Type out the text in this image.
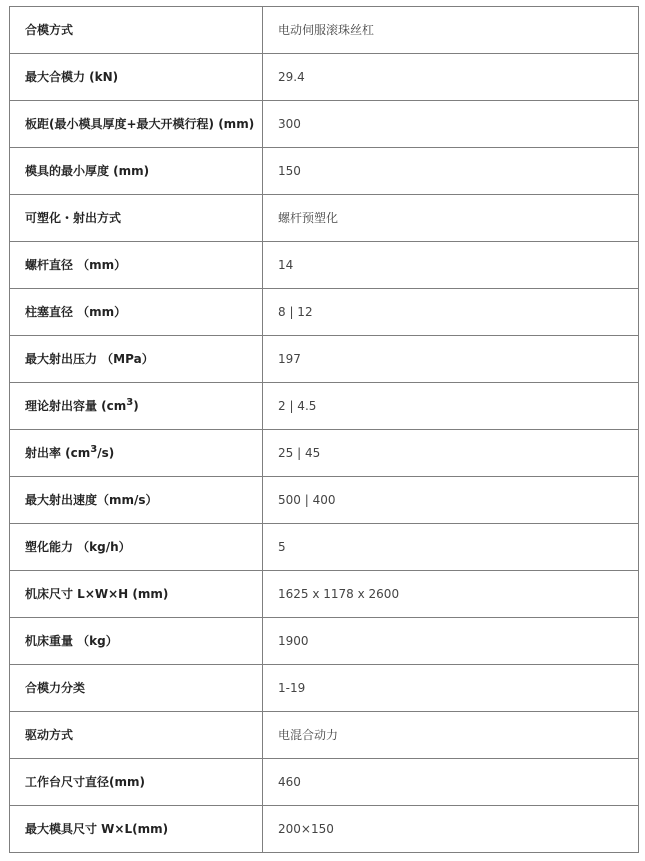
合模方式	电动伺服滚珠丝杠
最大合模力 (kN)	29.4
板距(最小模具厚度+最大开模行程) (mm)	300
模具的最小厚度 (mm)	150
可塑化・射出方式	螺杆预塑化
螺杆直径 （mm）	14
柱塞直径 （mm）	8 | 12
最大射出压力 （MPa）	197
理论射出容量 $(cm^3)$	2 | 4.5
射出率 $(cm^3/s)$	25 | 45
最大射出速度（mm/s）	500 | 400
塑化能力 （kg/h）	5
机床尺寸 L×W×H (mm)	1625 x 1178 x 2600
机床重量 （kg）	1900
合模力分类	1-19
驱动方式	电混合动力
工作台尺寸直径(mm)	460
最大模具尺寸 W×L(mm)	200×150
